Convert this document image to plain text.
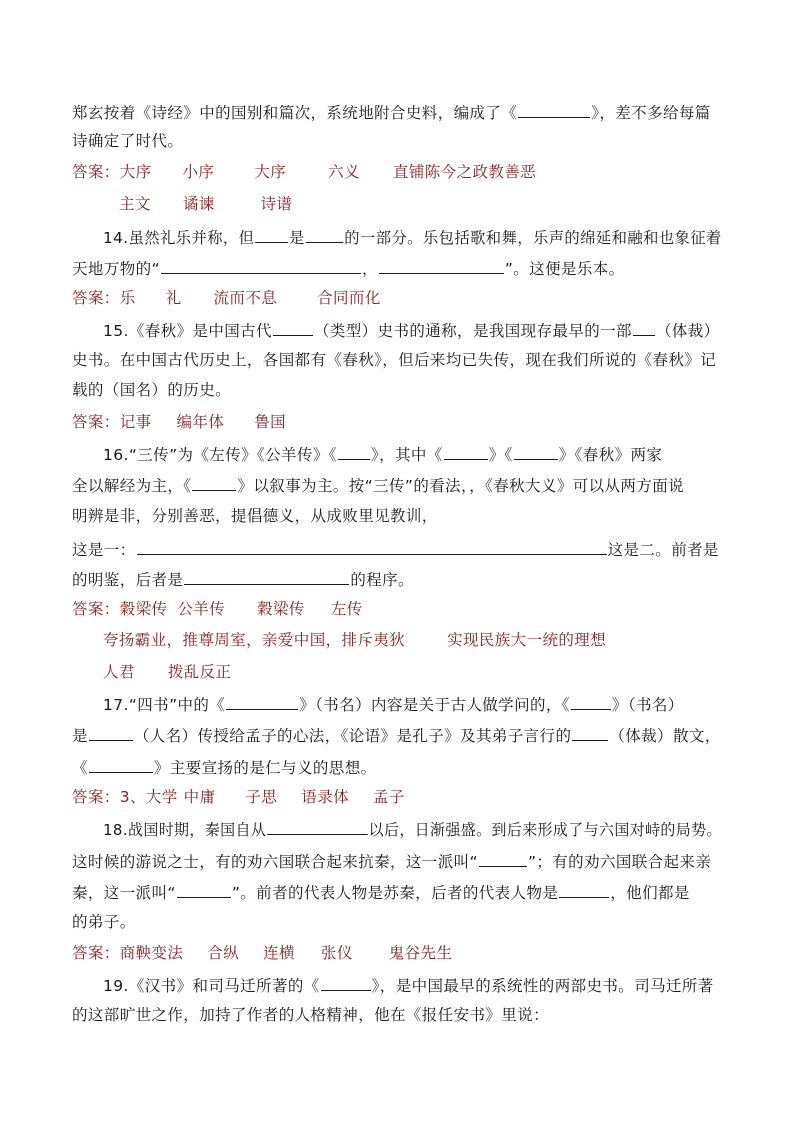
郑玄按着《诗经》中的国别和篇次，系统地附合史料，编成了《	》，差不多给每篇
诗确定了时代。
答案：大序 小序	大序	六义 直铺陈今之政教善恶
主文 谲谏	诗谱
14.虽然礼乐并称，但 是	的一部分。乐包括歌和舞，乐声的绵延和融和也象征着
天地万物的“	，	”。这便是乐本。
答案：乐 礼 流而不息	合同而化
15.《春秋》是中国古代	（类型）史书的通称，是我国现存最早的一部 （体裁）
史书。在中国古代历史上，各国都有《春秋》，但后来均已失传，现在我们所说的《春秋》记
载的（国名）的历史。
答案：记事 编年体 鲁国
16.“三传”为《左传》《公羊传》《 》，其中《	》《	》《春秋》两家
全以解经为主，《	》以叙事为主。按“三传”的看法，，《春秋大义》可以从两方面说
明辨是非，分别善恶，提倡德义，从成败里见教训，
这是一：	这是二。前者是
的明鉴，后者是	的程序。
答案：穀梁传 公羊传 穀梁传 左传
夸扬霸业，推尊周室，亲爱中国，排斥夷狄	实现民族大一统的理想
人君 拨乱反正
17.“四书”中的《	》（书名）内容是关于古人做学问的，《	》（书名）
是	（人名）传授给孟子的心法，《论语》是孔子》及其弟子言行的 （体裁）散文，
《	》主要宣扬的是仁与义的思想。
答案：3、大学 中庸 子思 语录体 孟子
18.战国时期，秦国自从	以后，日渐强盛。到后来形成了与六国对峙的局势。
这时候的游说之士，有的劝六国联合起来抗秦，这一派叫“	”；有的劝六国联合起来亲
秦，这一派叫“	”。前者的代表人物是苏秦，后者的代表人物是	，他们都是
的弟子。
答案：商鞅变法 合纵 连横 张仪 鬼谷先生
19.《汉书》和司马迁所著的《	》，是中国最早的系统性的两部史书。司马迁所著
的这部旷世之作，加持了作者的人格精神，他在《报任安书》里说：
